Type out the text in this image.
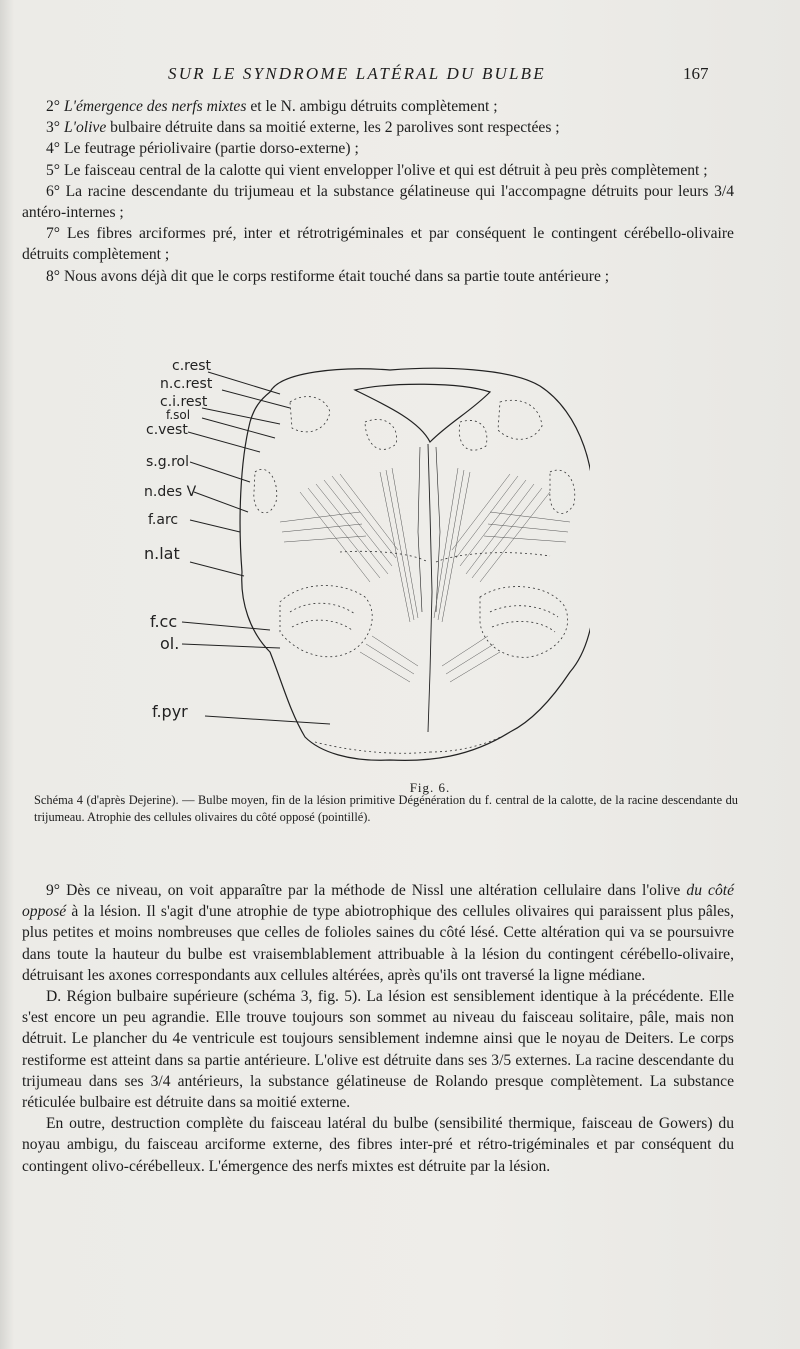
SUR LE SYNDROME LATÉRAL DU BULBE	167

2° L'émergence des nerfs mixtes et le N. ambigu détruits complètement ;

3° L'olive bulbaire détruite dans sa moitié externe, les 2 parolives sont respectées ;

4° Le feutrage périolivaire (partie dorso-externe) ;

5° Le faisceau central de la calotte qui vient envelopper l'olive et qui est détruit à peu près complètement ;

6° La racine descendante du trijumeau et la substance gélatineuse qui l'accompagne détruits pour leurs 3/4 antéro-internes ;

7° Les fibres arciformes pré, inter et rétrotrigéminales et par conséquent le contingent cérébello-olivaire détruits complètement ;

8° Nous avons déjà dit que le corps restiforme était touché dans sa partie toute antérieure ;

c.rest
n.c.rest
c.i.rest
f.sol
c.vest
s.g.rol
n.des V
f.arc
n.lat
f.cc
ol.
f.pyr
Fig. 6.
Schéma 4 (d'après Dejerine). — Bulbe moyen, fin de la lésion primitive Dégénération du f. central de la calotte, de la racine descendante du trijumeau. Atrophie des cellules olivaires du côté opposé (pointillé).

9° Dès ce niveau, on voit apparaître par la méthode de Nissl une altération cellulaire dans l'olive du côté opposé à la lésion. Il s'agit d'une atrophie de type abiotrophique des cellules olivaires qui paraissent plus pâles, plus petites et moins nombreuses que celles de folioles saines du côté lésé. Cette altération qui va se poursuivre dans toute la hauteur du bulbe est vraisemblablement attribuable à la lésion du contingent cérébello-olivaire, détruisant les axones correspondants aux cellules altérées, après qu'ils ont traversé la ligne médiane.

D. Région bulbaire supérieure (schéma 3, fig. 5). La lésion est sensiblement identique à la précédente. Elle s'est encore un peu agrandie. Elle trouve toujours son sommet au niveau du faisceau solitaire, pâle, mais non détruit. Le plancher du 4e ventricule est toujours sensiblement indemne ainsi que le noyau de Deiters. Le corps restiforme est atteint dans sa partie antérieure. L'olive est détruite dans ses 3/5 externes. La racine descendante du trijumeau dans ses 3/4 antérieurs, la substance gélatineuse de Rolando presque complètement. La substance réticulée bulbaire est détruite dans sa moitié externe.

En outre, destruction complète du faisceau latéral du bulbe (sensibilité thermique, faisceau de Gowers) du noyau ambigu, du faisceau arciforme externe, des fibres inter-pré et rétro-trigéminales et par conséquent du contingent olivo-cérébelleux. L'émergence des nerfs mixtes est détruite par la lésion.
